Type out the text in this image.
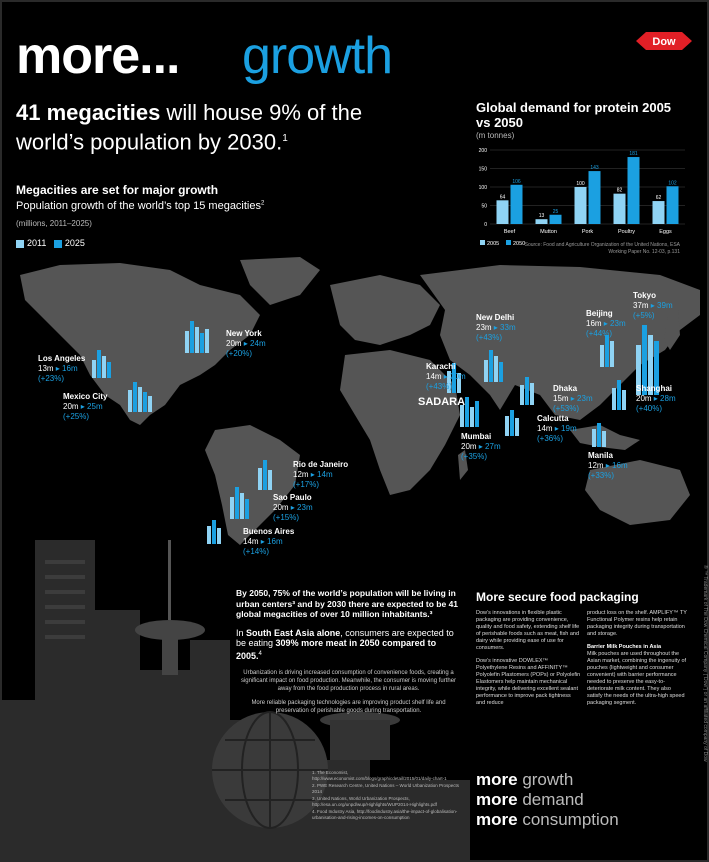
more... growth	Dow
41 megacities will house 9% of the world’s population by 2030.$^1$
Megacities are set for major growth
Population growth of the world’s top 15 megacities$^2$
(millions, 2011–2025)
2011 2025
Global demand for protein 2005 vs 2050
(m tonnes)
0
50
100
150
200
64
106
Beef
13
25
Mutton
100
143
Pork
82
181
Poultry
62
102
Eggs
2005	2050 Source: Food and Agriculture Organization of the United Nations, ESA Working Paper No. 12-03, p.131
Los Angeles
13m ▸ 16m
(+23%)
Mexico City
20m ▸ 25m
(+25%)
New York
20m ▸ 24m
(+20%)
Rio de Janeiro
12m ▸ 14m
(+17%)
Sao Paulo
20m ▸ 23m
(+15%)
Buenos Aires
14m ▸ 16m
(+14%)
New Delhi
23m ▸ 33m
(+43%)
Karachi
14m ▸ 20m
(+43%)
Mumbai
20m ▸ 27m
(+35%)
Dhaka
15m ▸ 23m
(+53%)
Calcutta
14m ▸ 19m
(+36%)
Beijing
16m ▸ 23m
(+44%)
Tokyo
37m ▸ 39m
(+5%)
Shanghai
20m ▸ 28m
(+40%)
Manila
12m ▸ 16m
(+33%)
SADARA
By 2050, 75% of the world’s population will be living in urban centers³ and by 2030 there are expected to be 41 global megacities of over 10 million inhabitants.³
In South East Asia alone, consumers are expected to be eating 309% more meat in 2050 compared to 2005.$^4$
Urbanization is driving increased consumption of convenience foods, creating a significant impact on food production. Meanwhile, the consumer is moving further away from the food production process in rural areas.
More reliable packaging technologies are improving product shelf life and preservation of perishable goods during transportation.
1. The Economist, http://www.economist.com/blogs/graphicdetail/2015/01/daily-chart-1
2. PWE Research Centre, United Nations – World Urbanization Prospects 2014
3. United Nations, World Urbanization Prospects, http://esa.un.org/unpd/wup/Highlights/WUP2014-Highlights.pdf
4. Food Industry Asia, http://foodindustry.asia/the-impact-of-globalisation-urbanisation-and-rising-incomes-on-consumption
More secure food packaging

Dow’s innovations in flexible plastic packaging are providing convenience, quality and food safety, extending shelf life of perishable foods such as meat, fish and dairy while providing ease of use for consumers.

Dow’s innovative DOWLEX™ Polyethylene Resins and AFFINITY™ Polyolefin Plastomers (POPs) or Polyolefin Elastomers help maintain mechanical integrity, while delivering excellent sealant performance to improve pack tightness and reduce

product loss on the shelf. AMPLIFY™ TY Functional Polymer resins help retain packaging integrity during transportation and storage.

Barrier Milk Pouches in Asia

Milk pouches are used throughout the Asian market, combining the ingenuity of pouches (lightweight and consumer convenient) with barrier performance needed to preserve the easy-to-deteriorate milk content. They also satisfy the needs of the ultra-high speed packaging segment.

more growth
more demand
more consumption
® ™ Trademark of The Dow Chemical Company (“Dow”) or an affiliated company of Dow
